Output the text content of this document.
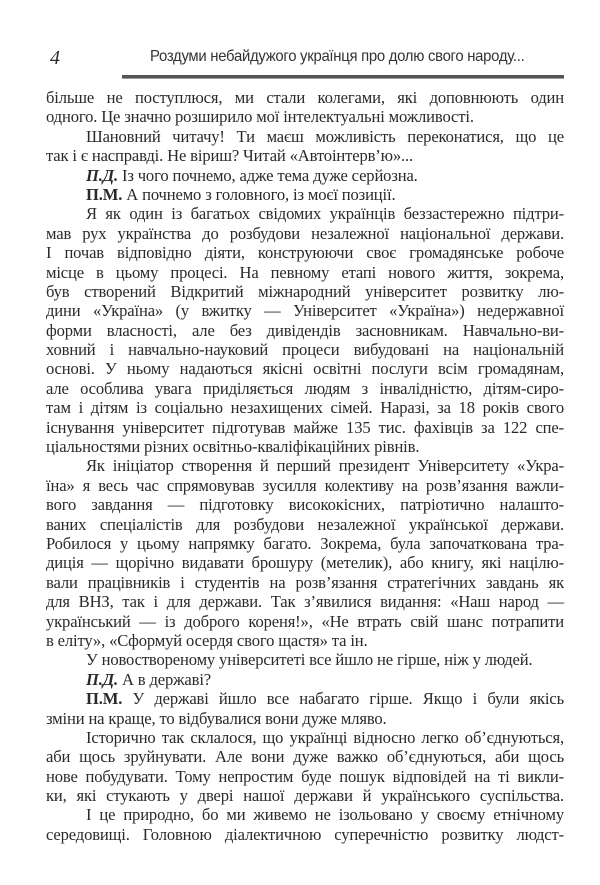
4	Роздуми небайдужого українця про долю свого народу...
більше не поступлюся, ми стали колегами, які доповнюють один
одного. Це значно розширило мої інтелектуальні можливості.
Шановний читачу! Ти маєш можливість переконатися, що це
так і є насправді. Не віриш? Читай «Автоінтерв’ю»...
П.Д. Із чого почнемо, адже тема дуже серйозна.
П.М. А почнемо з головного, із моєї позиції.
Я як один із багатьох свідомих українців беззастережно підтри-
мав рух українства до розбудови незалежної національної держави.
І почав відповідно діяти, конструюючи своє громадянське робоче
місце в цьому процесі. На певному етапі нового життя, зокрема,
був створений Відкритий міжнародний університет розвитку лю-
дини «Україна» (у вжитку — Університет «Україна») недержавної
форми власності, але без дивідендів засновникам. Навчально-ви-
ховний і навчально-науковий процеси вибудовані на національній
основі. У ньому надаються якісні освітні послуги всім громадянам,
але особлива увага приділяється людям з інвалідністю, дітям-сиро-
там і дітям із соціально незахищених сімей. Наразі, за 18 років свого
існування університет підготував майже 135 тис. фахівців за 122 спе-
ціальностями різних освітньо-кваліфікаційних рівнів.
Як ініціатор створення й перший президент Університету «Укра-
їна» я весь час спрямовував зусилля колективу на розв’язання важли-
вого завдання — підготовку висококісних, патріотично налашто-
ваних спеціалістів для розбудови незалежної української держави.
Робилося у цьому напрямку багато. Зокрема, була започаткована тра-
диція — щорічно видавати брошуру (метелик), або книгу, які націлю-
вали працівників і студентів на розв’язання стратегічних завдань як
для ВНЗ, так і для держави. Так з’явилися видання: «Наш народ —
український — із доброго кореня!», «Не втрать свій шанс потрапити
в еліту», «Сформуй осердя свого щастя» та ін.
У новоствореному університеті все йшло не гірше, ніж у людей.
П.Д. А в державі?
П.М. У державі йшло все набагато гірше. Якщо і були якісь
зміни на краще, то відбувалися вони дуже мляво.
Історично так склалося, що українці відносно легко об’єднуються,
аби щось зруйнувати. Але вони дуже важко об’єднуються, аби щось
нове побудувати. Тому непростим буде пошук відповідей на ті викли-
ки, які стукають у двері нашої держави й українського суспільства.
І це природно, бо ми живемо не ізольовано у своєму етнічному
середовищі. Головною діалектичною суперечністю розвитку людст-
